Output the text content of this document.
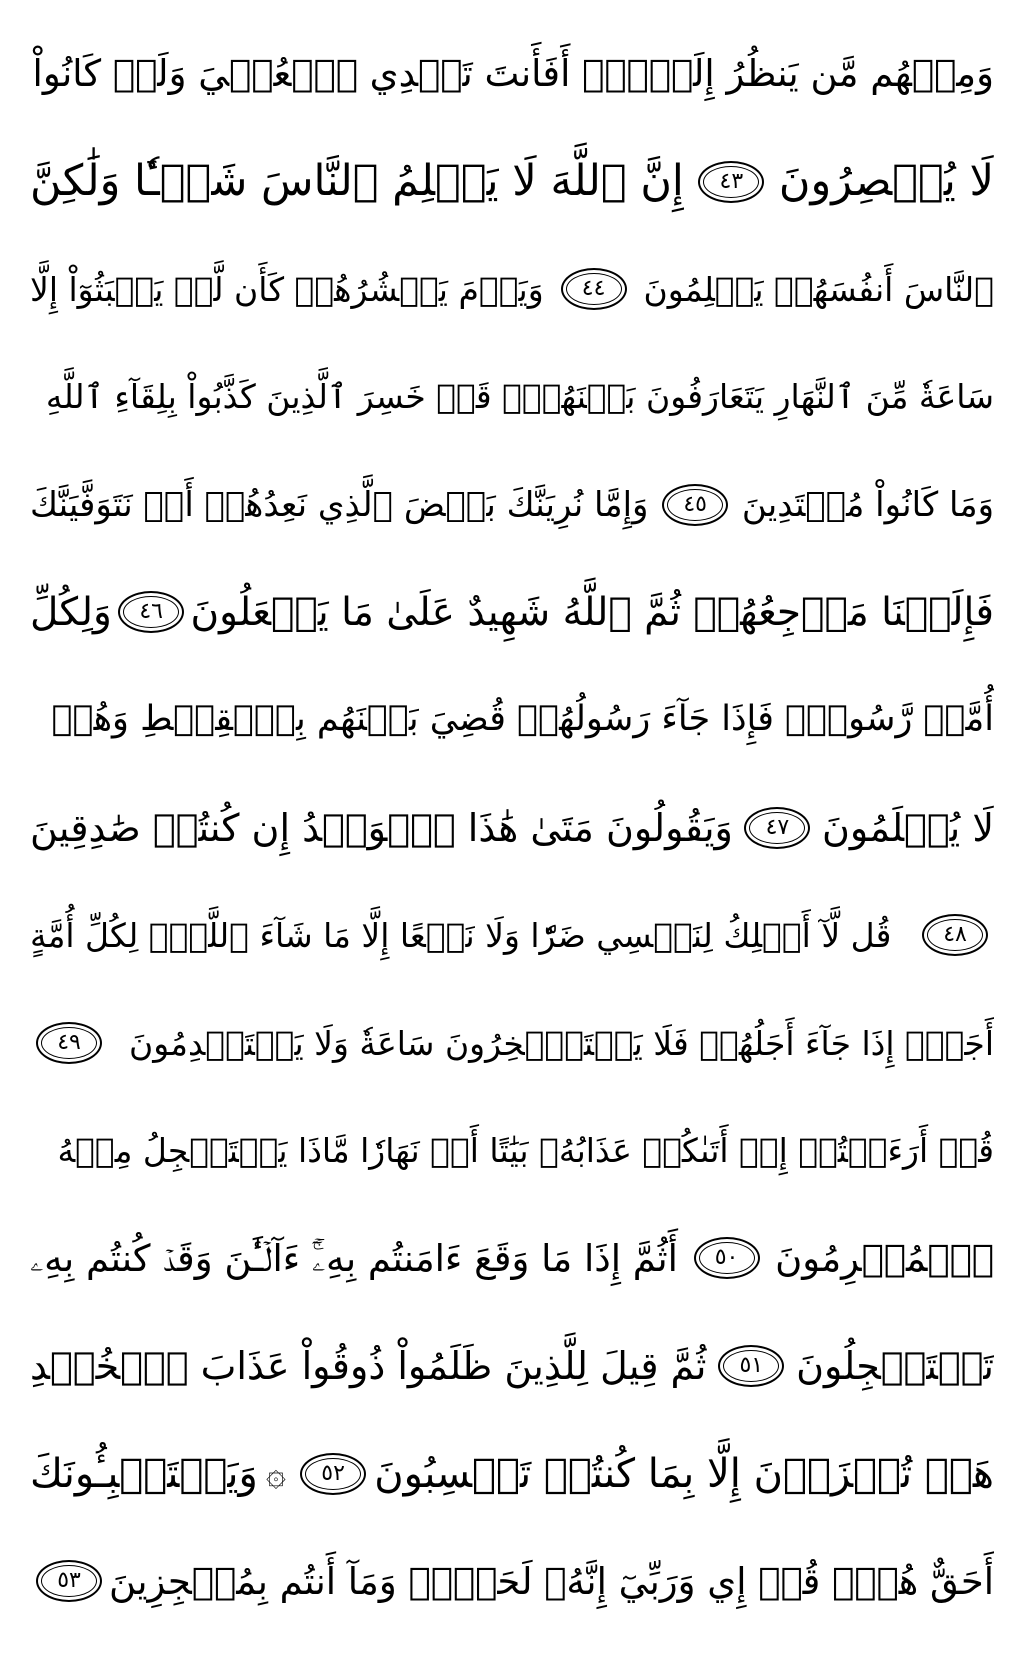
وَمِنۡهُم مَّن يَنظُرُ إِلَيۡكَۚ أَفَأَنتَ تَهۡدِي ٱلۡعُمۡيَ وَلَوۡ كَانُواْ
لَا يُبۡصِرُونَ
٤٣
إِنَّ ٱللَّهَ لَا يَظۡلِمُ ٱلنَّاسَ شَيۡـٔٗا وَلَٰكِنَّ
ٱلنَّاسَ أَنفُسَهُمۡ يَظۡلِمُونَ
٤٤
وَيَوۡمَ يَحۡشُرُهُمۡ كَأَن لَّمۡ يَلۡبَثُوٓاْ إِلَّا
سَاعَةٗ مِّنَ ٱلنَّهَارِ يَتَعَارَفُونَ بَيۡنَهُمۡۚ قَدۡ خَسِرَ ٱلَّذِينَ كَذَّبُواْ بِلِقَآءِ ٱللَّهِ
وَمَا كَانُواْ مُهۡتَدِينَ
٤٥
وَإِمَّا نُرِيَنَّكَ بَعۡضَ ٱلَّذِي نَعِدُهُمۡ أَوۡ نَتَوَفَّيَنَّكَ
فَإِلَيۡنَا مَرۡجِعُهُمۡ ثُمَّ ٱللَّهُ شَهِيدٌ عَلَىٰ مَا يَفۡعَلُونَ
٤٦
وَلِكُلِّ
أُمَّةٖ رَّسُولٞۖ فَإِذَا جَآءَ رَسُولُهُمۡ قُضِيَ بَيۡنَهُم بِٱلۡقِسۡطِ وَهُمۡ
لَا يُظۡلَمُونَ
٤٧
وَيَقُولُونَ مَتَىٰ هَٰذَا ٱلۡوَعۡدُ إِن كُنتُمۡ صَٰدِقِينَ
٤٨
قُل لَّآ أَمۡلِكُ لِنَفۡسِي ضَرّٗا وَلَا نَفۡعًا إِلَّا مَا شَآءَ ٱللَّهُۗ لِكُلِّ أُمَّةٍ
أَجَلٌۚ إِذَا جَآءَ أَجَلُهُمۡ فَلَا يَسۡتَـٔۡخِرُونَ سَاعَةٗ وَلَا يَسۡتَقۡدِمُونَ
٤٩
قُلۡ أَرَءَيۡتُمۡ إِنۡ أَتَىٰكُمۡ عَذَابُهُۥ بَيَٰتًا أَوۡ نَهَارٗا مَّاذَا يَسۡتَعۡجِلُ مِنۡهُ
ٱلۡمُجۡرِمُونَ
٥٠
أَثُمَّ إِذَا مَا وَقَعَ ءَامَنتُم بِهِۦٓۚ ءَآلۡـَٰٔنَ وَقَدۡ كُنتُم بِهِۦ
تَسۡتَعۡجِلُونَ
٥١
ثُمَّ قِيلَ لِلَّذِينَ ظَلَمُواْ ذُوقُواْ عَذَابَ ٱلۡخُلۡدِ
هَلۡ تُجۡزَوۡنَ إِلَّا بِمَا كُنتُمۡ تَكۡسِبُونَ
٥٢
۞
وَيَسۡتَنۢبِـُٔونَكَ
أَحَقٌّ هُوَۖ قُلۡ إِي وَرَبِّيٓ إِنَّهُۥ لَحَقّٞۖ وَمَآ أَنتُم بِمُعۡجِزِينَ
٥٣
